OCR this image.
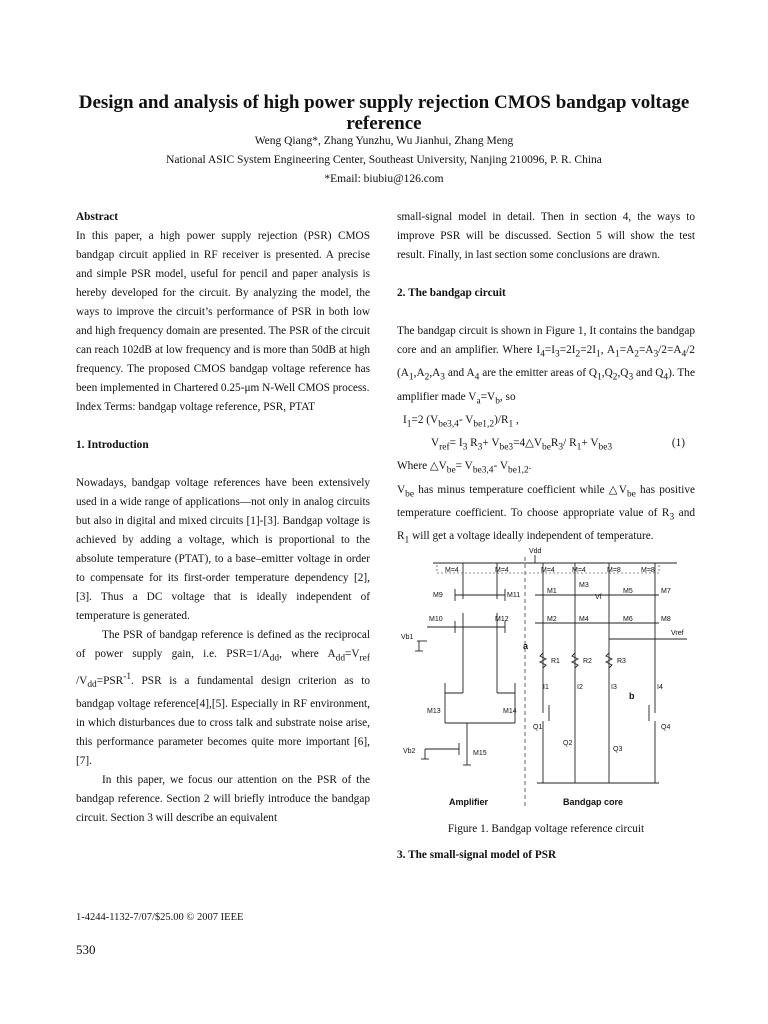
Design and analysis of high power supply rejection CMOS bandgap voltage reference

Weng Qiang*, Zhang Yunzhu, Wu Jianhui, Zhang Meng

National ASIC System Engineering Center, Southeast University, Nanjing 210096, P. R. China

*Email: biubiu@126.com

Abstract

In this paper, a high power supply rejection (PSR) CMOS bandgap circuit applied in RF receiver is presented. A precise and simple PSR model, useful for pencil and paper analysis is hereby developed for the circuit. By analyzing the model, the ways to improve the circuit’s performance of PSR in both low and high frequency domain are presented. The PSR of the circuit can reach 102dB at low frequency and is more than 50dB at high frequency. The proposed CMOS bandgap voltage reference has been implemented in Chartered 0.25-μm N-Well CMOS process.

Index Terms: bandgap voltage reference, PSR, PTAT

1. Introduction

Nowadays, bandgap voltage references have been extensively used in a wide range of applications—not only in analog circuits but also in digital and mixed circuits [1]-[3]. Bandgap voltage is achieved by adding a voltage, which is proportional to the absolute temperature (PTAT), to a base–emitter voltage in order to compensate for its first-order temperature dependency [2], [3]. Thus a DC voltage that is ideally independent of temperature is generated.

The PSR of bandgap reference is defined as the reciprocal of power supply gain, i.e. $PSR=1/A_{dd}$, where $A_{dd}=V_{ref}$ $/V_{dd}=PSR^{-1}$. PSR is a fundamental design criterion as to bandgap voltage reference[4],[5]. Especially in RF environment, in which disturbances due to cross talk and substrate noise arise, this performance parameter becomes quite more important [6], [7].

In this paper, we focus our attention on the PSR of the bandgap reference. Section 2 will briefly introduce the bandgap circuit. Section 3 will describe an equivalent

small-signal model in detail. Then in section 4, the ways to improve PSR will be discussed. Section 5 will show the test result. Finally, in last section some conclusions are drawn.

2. The bandgap circuit

The bandgap circuit is shown in Figure 1, It contains the bandgap core and an amplifier. Where $I_4=I_3=2I_2=2I_1$, $A_1=A_2=A_3/2=A_4/2$ ($A_1,A_2,A_3$ and $A_4$ are the emitter areas of $Q_1,Q_2,Q_3$ and $Q_4$). The amplifier made $V_a=V_b$, so

$I_1=2$ ($V_{be3,4}-$ $V_{be1,2})/R_1$ ,

$V_{ref}= I_3$ $R_3+$ $V_{be3}=4\triangle V_{be}R_3/$ $R_1+ V_{be3}$	(1)

Where $\triangle V_{be}= V_{be3,4}-$ $V_{be1,2}$.

$V_{be}$ has minus temperature coefficient while $\triangle V_{be}$ has positive temperature coefficient. To choose appropriate value of $R_3$ and $R_1$ will get a voltage ideally independent of temperature.

Vdd
M=4	M=4	M=4 M=4	M=8	M=8
M9	M11
M10	M12
Vb1
M13	M14
M15
Vb2
M1
M2
M3
M4
M5
M6
M7
M8
Vf
Vref
a
R1	R2	R3
I1	I2	I3	I4
b
Q1
Q2
Q3
Q4
Amplifier	Bandgap core

Figure 1. Bandgap voltage reference circuit

3. The small-signal model of PSR

1-4244-1132-7/07/$25.00 © 2007 IEEE
530
